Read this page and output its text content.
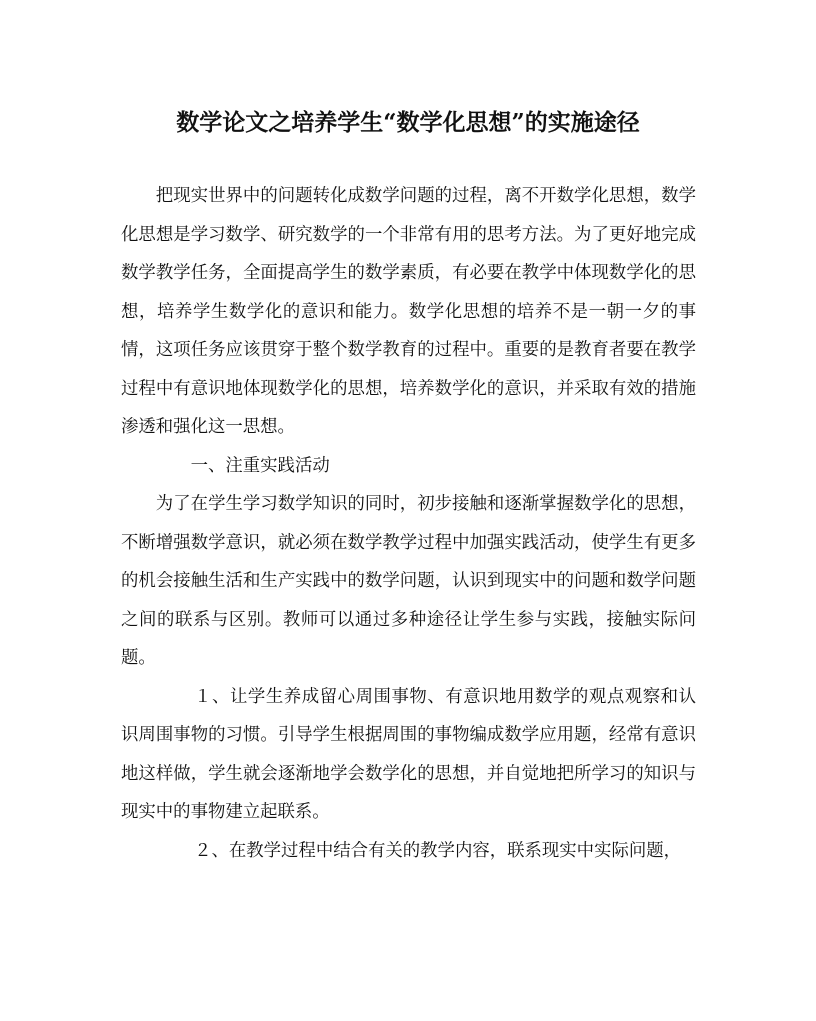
数学论文之培养学生“数学化思想”的实施途径

把现实世界中的问题转化成数学问题的过程，离不开数学化思想，数学化思想是学习数学、研究数学的一个非常有用的思考方法。为了更好地完成数学教学任务，全面提高学生的数学素质，有必要在教学中体现数学化的思想，培养学生数学化的意识和能力。数学化思想的培养不是一朝一夕的事情，这项任务应该贯穿于整个数学教育的过程中。重要的是教育者要在教学过程中有意识地体现数学化的思想，培养数学化的意识，并采取有效的措施渗透和强化这一思想。

一、注重实践活动

为了在学生学习数学知识的同时，初步接触和逐渐掌握数学化的思想，不断增强数学意识，就必须在数学教学过程中加强实践活动，使学生有更多的机会接触生活和生产实践中的数学问题，认识到现实中的问题和数学问题之间的联系与区别。教师可以通过多种途径让学生参与实践，接触实际问题。

１、让学生养成留心周围事物、有意识地用数学的观点观察和认识周围事物的习惯。引导学生根据周围的事物编成数学应用题，经常有意识地这样做，学生就会逐渐地学会数学化的思想，并自觉地把所学习的知识与现实中的事物建立起联系。

２、在教学过程中结合有关的教学内容，联系现实中实际问题，
